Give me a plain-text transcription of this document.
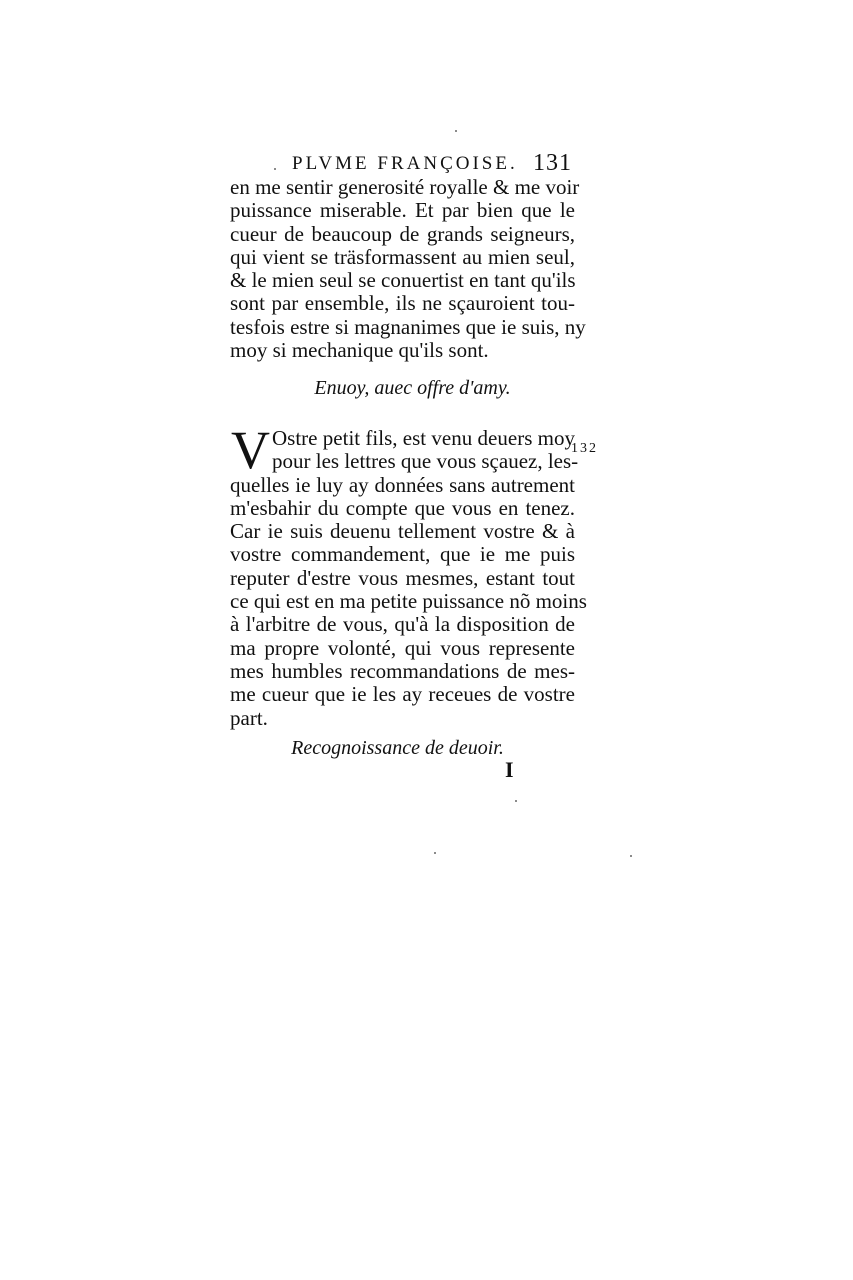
PLVME FRANÇOISE. 131
en me sentir generosité royalle & me voir
puissance miserable. Et par bien que le
cueur de beaucoup de grands seigneurs,
qui vient se träsformassent au mien seul,
& le mien seul se conuertist en tant qu'ils
sont par ensemble, ils ne sçauroient tou-
tesfois estre si magnanimes que ie suis, ny
moy si mechanique qu'ils sont.
Enuoy, auec offre d'amy.
V Ostre petit fils, est venu deuers moy
pour les lettres que vous sçauez, les-
quelles ie luy ay données sans autrement
m'esbahir du compte que vous en tenez.
Car ie suis deuenu tellement vostre & à
vostre commandement, que ie me puis
reputer d'estre vous mesmes, estant tout
ce qui est en ma petite puissance nõ moins
à l'arbitre de vous, qu'à la disposition de
ma propre volonté, qui vous represente
mes humbles recommandations de mes-
me cueur que ie les ay receues de vostre
part.
132
Recognoissance de deuoir.
I
